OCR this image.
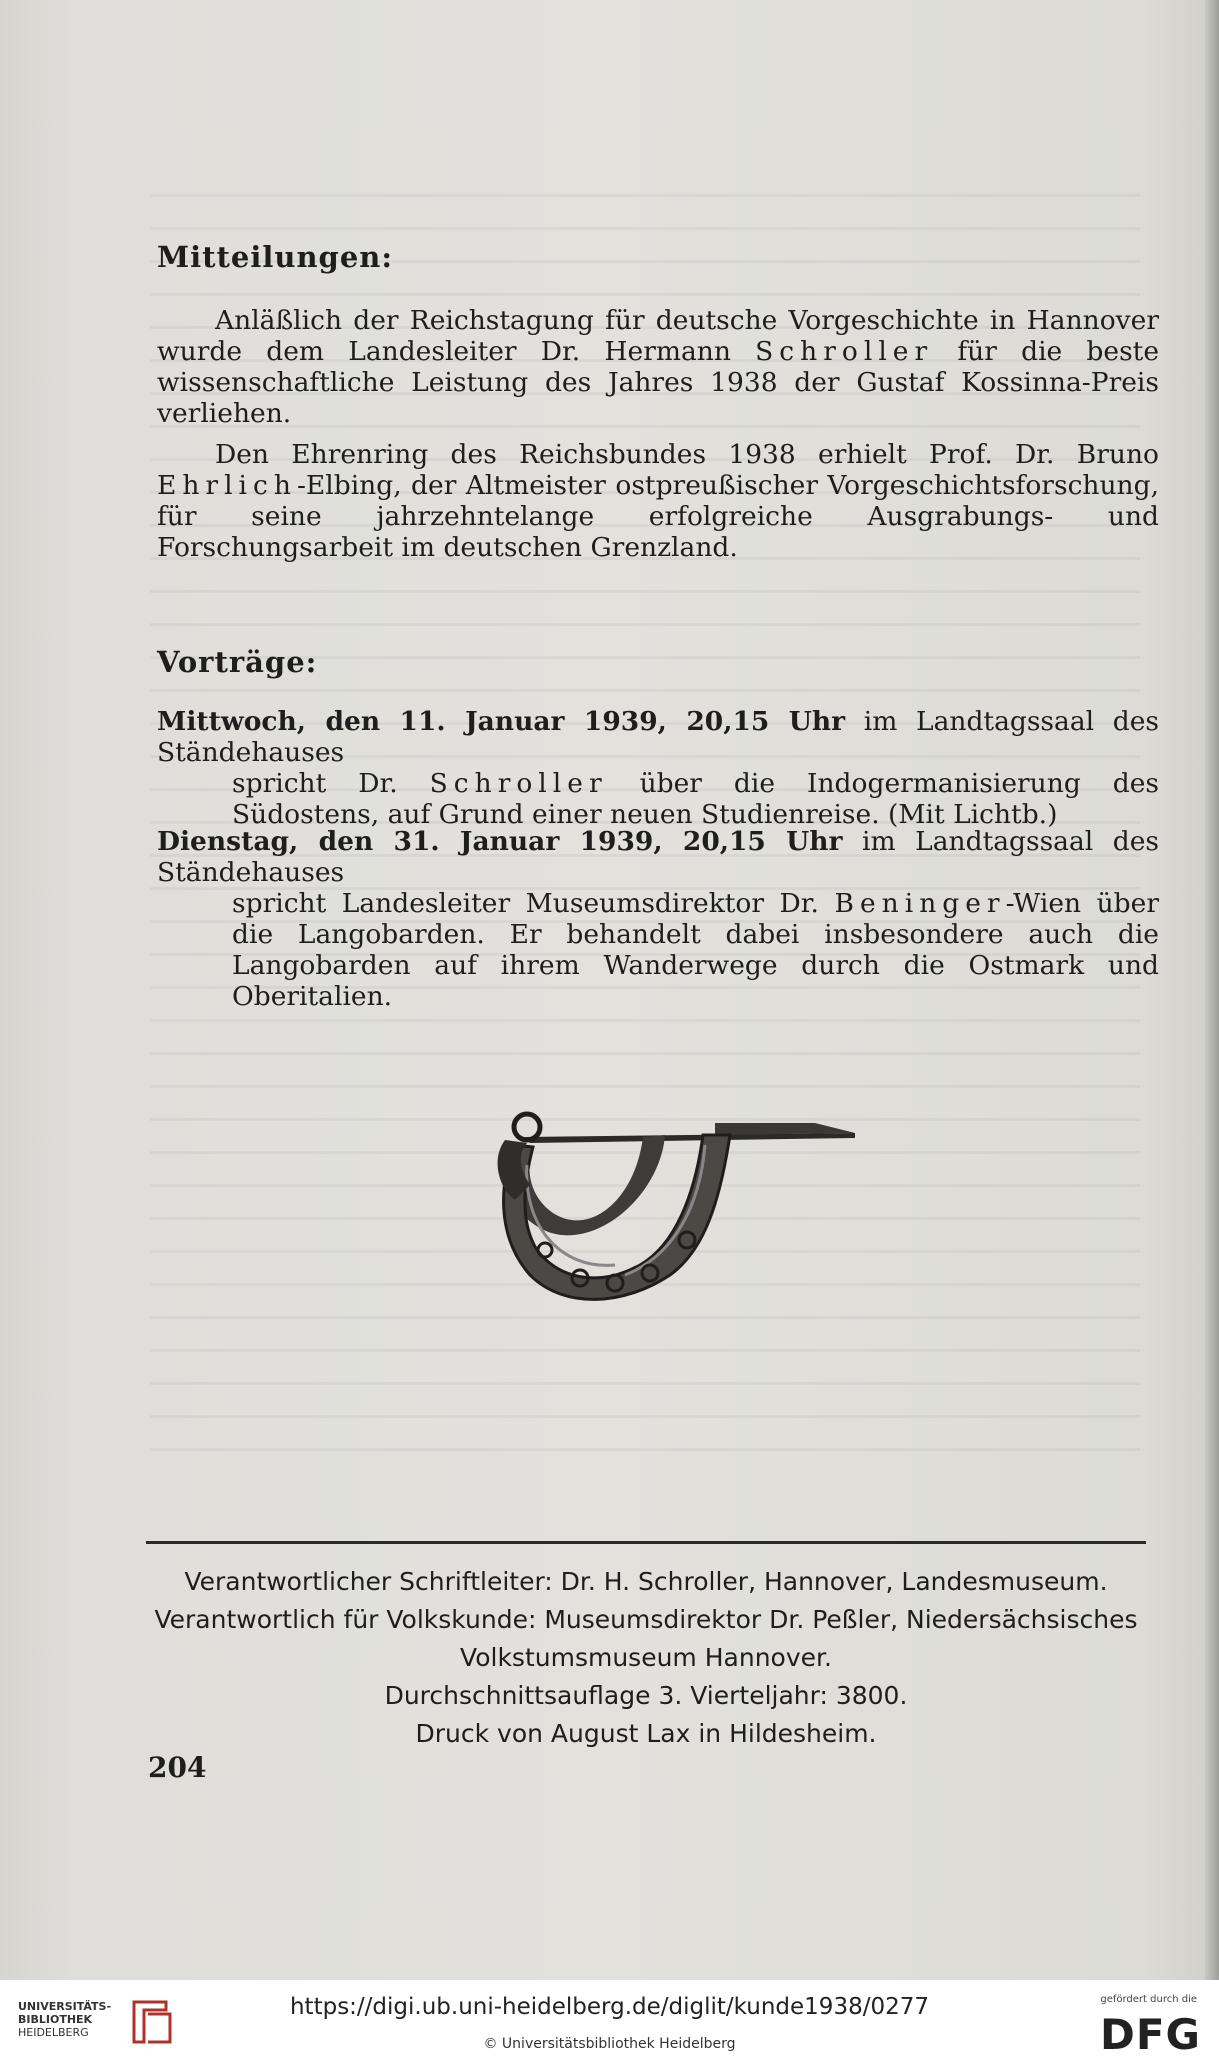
Mitteilungen:

Anläßlich der Reichstagung für deutsche Vorgeschichte in Hannover wurde dem Landesleiter Dr. Hermann Schroller für die beste wissenschaftliche Leistung des Jahres 1938 der Gustaf Kossinna-Preis verliehen.

Den Ehrenring des Reichsbundes 1938 erhielt Prof. Dr. Bruno Ehrlich-Elbing, der Altmeister ostpreußischer Vorgeschichtsforschung, für seine jahrzehntelange erfolgreiche Ausgrabungs- und Forschungsarbeit im deutschen Grenzland.

Vorträge:
Mittwoch, den 11. Januar 1939, 20,15 Uhr im Landtagssaal des Ständehauses
spricht Dr. Schroller über die Indogermanisierung des Südostens, auf Grund einer neuen Studienreise. (Mit Lichtb.)
Dienstag, den 31. Januar 1939, 20,15 Uhr im Landtagssaal des Ständehauses
spricht Landesleiter Museumsdirektor Dr. Beninger-Wien über die Langobarden. Er behandelt dabei insbesondere auch die Langobarden auf ihrem Wanderwege durch die Ostmark und Oberitalien.
Verantwortlicher Schriftleiter: Dr. H. Schroller, Hannover, Landesmuseum.
Verantwortlich für Volkskunde: Museumsdirektor Dr. Peßler, Niedersächsisches
Volkstumsmuseum Hannover.
Durchschnittsauflage 3. Vierteljahr: 3800.
Druck von August Lax in Hildesheim.
204
UNIVERSITÄTS-
BIBLIOTHEK
HEIDELBERG
https://digi.ub.uni-heidelberg.de/diglit/kunde1938/0277
© Universitätsbibliothek Heidelberg
gefördert durch die
DFG
